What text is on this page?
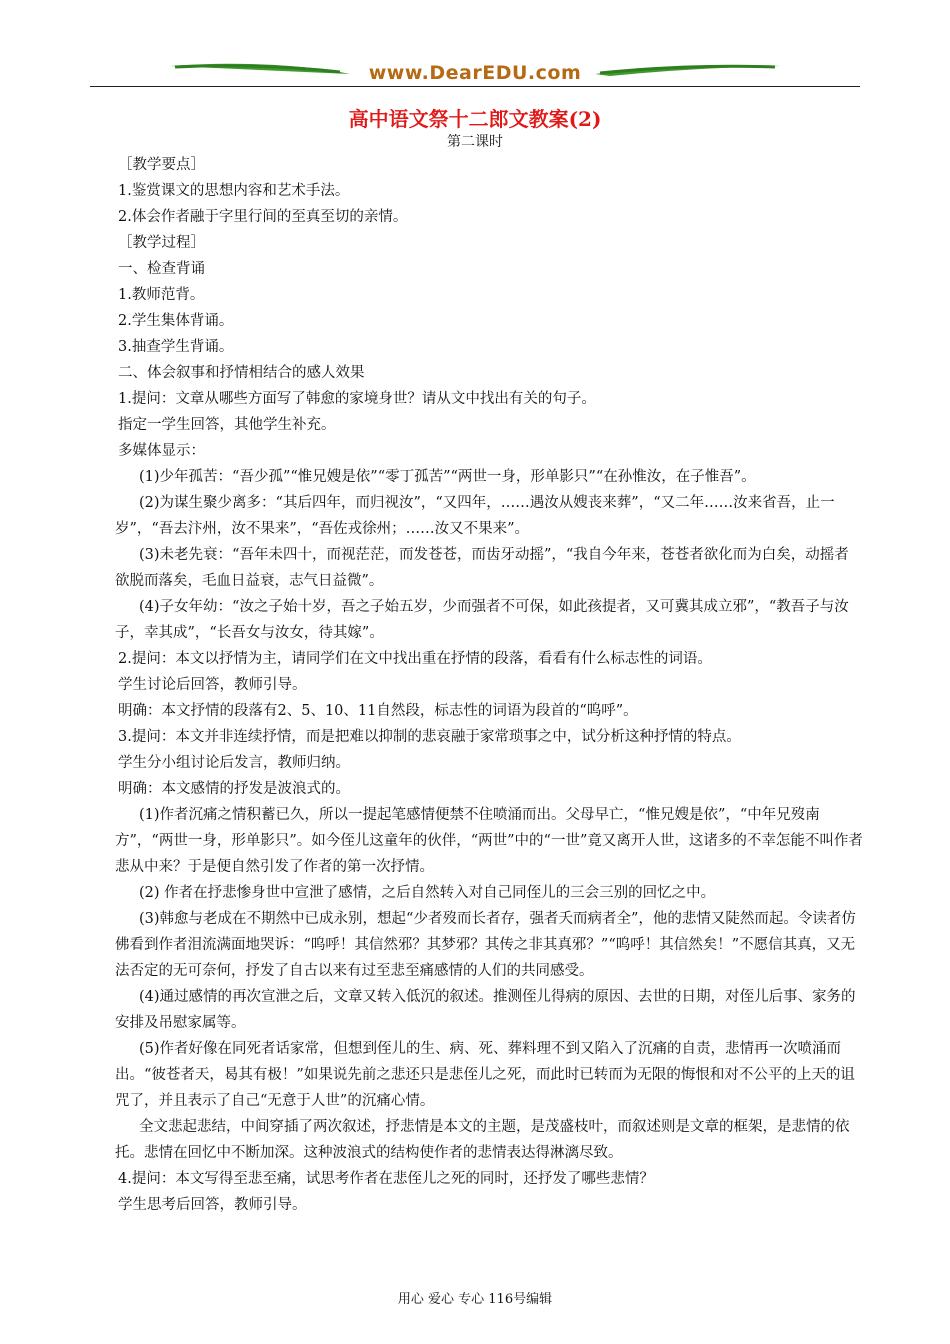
www.DearEDU.com
高中语文祭十二郎文教案(2)
第二课时

［教学要点］

1.鉴赏课文的思想内容和艺术手法。

2.体会作者融于字里行间的至真至切的亲情。

［教学过程］

一、检查背诵

1.教师范背。

2.学生集体背诵。

3.抽查学生背诵。

二、体会叙事和抒情相结合的感人效果

1.提问：文章从哪些方面写了韩愈的家境身世？请从文中找出有关的句子。

指定一学生回答，其他学生补充。

多媒体显示：

(1)少年孤苦：“吾少孤”“惟兄嫂是依”“零丁孤苦”“两世一身，形单影只”“在孙惟汝，在子惟吾”。

(2)为谋生聚少离多：“其后四年，而归视汝”，“又四年，……遇汝从嫂丧来葬”，“又二年……汝来省吾，止一岁”，“吾去汴州，汝不果来”，“吾佐戎徐州；……汝又不果来”。

(3)未老先衰：“吾年未四十，而视茫茫，而发苍苍，而齿牙动摇”，“我自今年来，苍苍者欲化而为白矣，动摇者欲脱而落矣，毛血日益衰，志气日益微”。

(4)子女年幼：“汝之子始十岁，吾之子始五岁，少而强者不可保，如此孩提者，又可冀其成立邪”，“教吾子与汝子，幸其成”，“长吾女与汝女，待其嫁”。

2.提问：本文以抒情为主，请同学们在文中找出重在抒情的段落，看看有什么标志性的词语。

学生讨论后回答，教师引导。

明确：本文抒情的段落有2、5、10、11自然段，标志性的词语为段首的“呜呼”。

3.提问：本文并非连续抒情，而是把难以抑制的悲哀融于家常琐事之中，试分析这种抒情的特点。

学生分小组讨论后发言，教师归纳。

明确：本文感情的抒发是波浪式的。

(1)作者沉痛之情积蓄已久，所以一提起笔感情便禁不住喷涌而出。父母早亡，“惟兄嫂是依”，“中年兄歿南方”，“两世一身，形单影只”。如今侄儿这童年的伙伴，“两世”中的“一世”竟又离开人世，这诸多的不幸怎能不叫作者悲从中来？于是便自然引发了作者的第一次抒情。

(2) 作者在抒悲惨身世中宣泄了感情，之后自然转入对自己同侄儿的三会三别的回忆之中。

(3)韩愈与老成在不期然中已成永别，想起“少者歿而长者存，强者夭而病者全”，他的悲情又陡然而起。令读者仿佛看到作者泪流满面地哭诉：“呜呼！其信然邪？其梦邪？其传之非其真邪？”“呜呼！其信然矣！”不愿信其真，又无法否定的无可奈何，抒发了自古以来有过至悲至痛感情的人们的共同感受。

(4)通过感情的再次宣泄之后，文章又转入低沉的叙述。推测侄儿得病的原因、去世的日期，对侄儿后事、家务的安排及吊慰家属等。

(5)作者好像在同死者话家常，但想到侄儿的生、病、死、葬料理不到又陷入了沉痛的自责，悲情再一次喷涌而出。“彼苍者天，曷其有极！”如果说先前之悲还只是悲侄儿之死，而此时已转而为无限的悔恨和对不公平的上天的诅咒了，并且表示了自己“无意于人世”的沉痛心情。

全文悲起悲结，中间穿插了两次叙述，抒悲情是本文的主题，是茂盛枝叶，而叙述则是文章的框架，是悲情的依托。悲情在回忆中不断加深。这种波浪式的结构使作者的悲情表达得淋漓尽致。

4.提问：本文写得至悲至痛，试思考作者在悲侄儿之死的同时，还抒发了哪些悲情？

学生思考后回答，教师引导。

用心 爱心 专心 116号编辑
